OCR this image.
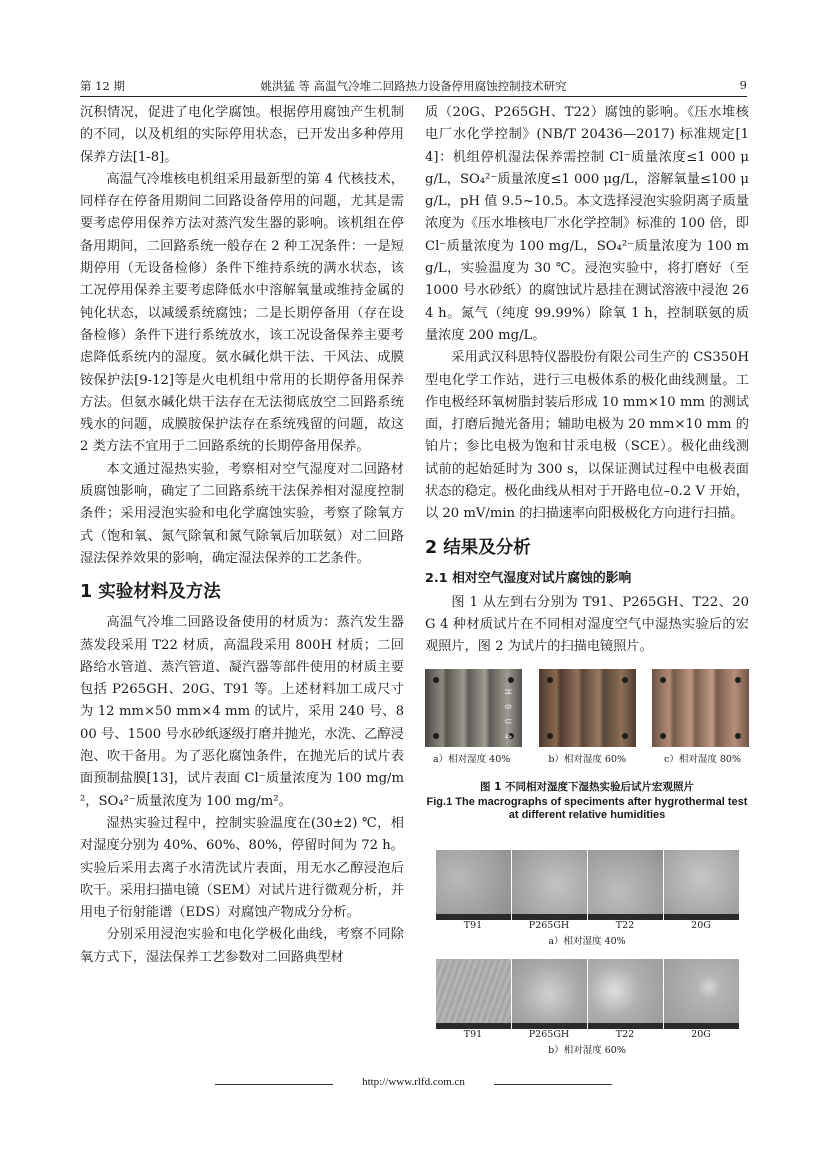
第 12 期	姚洪猛 等 高温气冷堆二回路热力设备停用腐蚀控制技术研究	9

沉积情况，促进了电化学腐蚀。根据停用腐蚀产生机制的不同，以及机组的实际停用状态，已开发出多种停用保养方法[1-8]。

高温气冷堆核电机组采用最新型的第 4 代核技术，同样存在停备用期间二回路设备停用的问题，尤其是需要考虑停用保养方法对蒸汽发生器的影响。该机组在停备用期间，二回路系统一般存在 2 种工况条件：一是短期停用（无设备检修）条件下维持系统的满水状态，该工况停用保养主要考虑降低水中溶解氧量或维持金属的钝化状态，以减缓系统腐蚀；二是长期停备用（存在设备检修）条件下进行系统放水，该工况设备保养主要考虑降低系统内的湿度。氨水碱化烘干法、干风法、成膜铵保护法[9-12]等是火电机组中常用的长期停备用保养方法。但氨水碱化烘干法存在无法彻底放空二回路系统残水的问题，成膜胺保护法存在系统残留的问题，故这 2 类方法不宜用于二回路系统的长期停备用保养。

本文通过湿热实验，考察相对空气湿度对二回路材质腐蚀影响，确定了二回路系统干法保养相对湿度控制条件；采用浸泡实验和电化学腐蚀实验，考察了除氧方式（饱和氧、氮气除氧和氮气除氧后加联氨）对二回路湿法保养效果的影响，确定湿法保养的工艺条件。

1 实验材料及方法

高温气冷堆二回路设备使用的材质为：蒸汽发生器蒸发段采用 T22 材质，高温段采用 800H 材质；二回路给水管道、蒸汽管道、凝汽器等部件使用的材质主要包括 P265GH、20G、T91 等。上述材料加工成尺寸为 12 mm×50 mm×4 mm 的试片，采用 240 号、800 号、1500 号水砂纸逐级打磨并抛光，水洗、乙醇浸泡、吹干备用。为了恶化腐蚀条件，在抛光后的试片表面预制盐膜[13]，试片表面 Cl⁻质量浓度为 100 mg/m²，SO₄²⁻质量浓度为 100 mg/m²。

湿热实验过程中，控制实验温度在(30±2) ℃，相对湿度分别为 40%、60%、80%，停留时间为 72 h。实验后采用去离子水清洗试片表面，用无水乙醇浸泡后吹干。采用扫描电镜（SEM）对试片进行微观分析，并用电子衍射能谱（EDS）对腐蚀产物成分分析。

分别采用浸泡实验和电化学极化曲线，考察不同除氧方式下，湿法保养工艺参数对二回路典型材

质（20G、P265GH、T22）腐蚀的影响。《压水堆核电厂水化学控制》(NB/T 20436—2017) 标准规定[14]：机组停机湿法保养需控制 Cl⁻质量浓度≤1 000 μg/L，SO₄²⁻质量浓度≤1 000 μg/L，溶解氧量≤100 μg/L，pH 值 9.5~10.5。本文选择浸泡实验阴离子质量浓度为《压水堆核电厂水化学控制》标准的 100 倍，即 Cl⁻质量浓度为 100 mg/L，SO₄²⁻质量浓度为 100 mg/L，实验温度为 30 ℃。浸泡实验中，将打磨好（至 1000 号水砂纸）的腐蚀试片悬挂在测试溶液中浸泡 264 h。氮气（纯度 99.99%）除氧 1 h，控制联氨的质量浓度 200 mg/L。

采用武汉科思特仪器股份有限公司生产的 CS350H 型电化学工作站，进行三电极体系的极化曲线测量。工作电极经环氧树脂封装后形成 10 mm×10 mm 的测试面，打磨后抛光备用；辅助电极为 20 mm×10 mm 的铂片；参比电极为饱和甘汞电极（SCE）。极化曲线测试前的起始延时为 300 s，以保证测试过程中电极表面状态的稳定。极化曲线从相对于开路电位–0.2 V 开始，以 20 mV/min 的扫描速率向阳极极化方向进行扫描。

2 结果及分析
2.1 相对空气湿度对试片腐蚀的影响

图 1 从左到右分别为 T91、P265GH、T22、20G 4 种材质试片在不同相对湿度空气中湿热实验后的宏观照片，图 2 为试片的扫描电镜照片。

H 0 U 4
a）相对湿度 40%	b）相对湿度 60%	c）相对湿度 80%
图 1 不同相对湿度下湿热实验后试片宏观照片
Fig.1 The macrographs of speciments after hygrothermal test at different relative humidities
T91	P265GH	T22	20G
a）相对湿度 40%
T91	P265GH	T22	20G
b）相对湿度 60%
http://www.rlfd.com.cn
